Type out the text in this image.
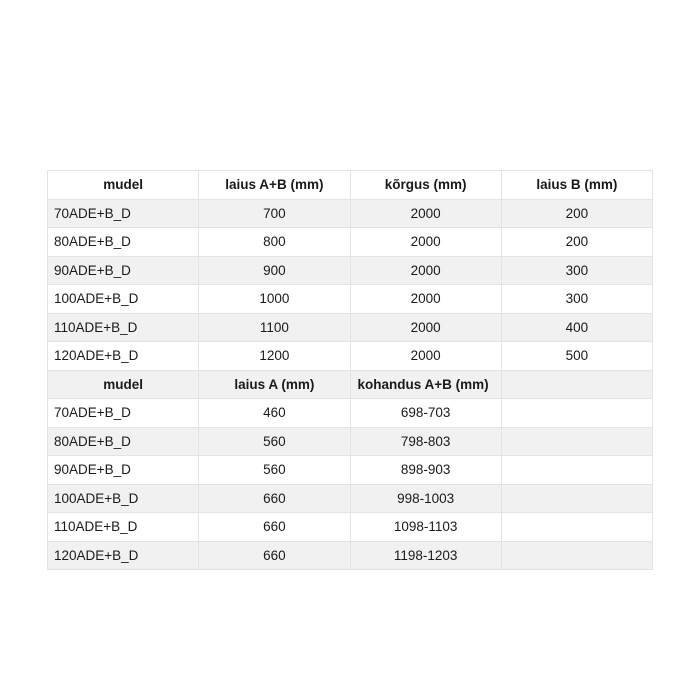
mudel	laius A+B (mm)	kõrgus (mm)	laius B (mm)
70ADE+B_D	700	2000	200
80ADE+B_D	800	2000	200
90ADE+B_D	900	2000	300
100ADE+B_D	1000	2000	300
110ADE+B_D	1100	2000	400
120ADE+B_D	1200	2000	500
mudel	laius A (mm)	kohandus A+B (mm)	
70ADE+B_D	460	698-703	
80ADE+B_D	560	798-803	
90ADE+B_D	560	898-903	
100ADE+B_D	660	998-1003	
110ADE+B_D	660	1098-1103	
120ADE+B_D	660	1198-1203	
